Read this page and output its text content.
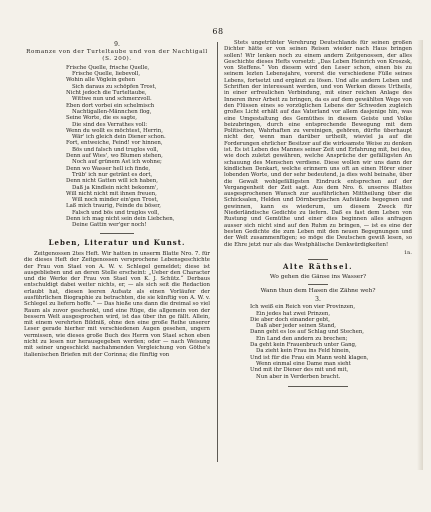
68
9.
Romanze von der Turteltaube und von der Nachtigall (S. 200).
Frische Quelle, frische Quelle,
Frische Quelle, liebevoll,
Wohin alle Vöglein gehen
Sich daraus zu schöpfen Trost,
Nicht jedoch die Turteltaube,
Wittwe nun und schmerzvoll.
Eben dort vorbei ein schelmisch
Nachtigallen-Männchen flog,
Seine Worte, die es sagte,
Die sind des Verrathes voll:
Wenn du wollt es möchtest, Herrin,
Wär' ich gleich dein Diener schon.
Fort, entweiche, Feind! vor hinnen,
Bös und falsch und truglos voll,
Denn auf Wies', wo Blumen stehen,
Noch auf grünem Ast ich wohne;
Denn wo Wasser hell ich finde,
Trüb' ich nur getränt es dort,
Denn nicht Gatten will ich haben,
Daß ja Kindlein nicht bekomm',
Will nicht nicht mit ihnen freuen,
Will noch minder ein'gen Trost,
Laß mich traurig, Feinde du böser,
Falsch und bös und truglos voll,
Denn ich mag nicht sein dein Liebchen,
Deine Gattin wer'ger noch!
Leben, Literatur und Kunst.
Zeitgenossen 2tes Heft. Wir hatten in unserm Blatte Nro. 7. für die dieses Heft der Zeitgenossen versprochene Lebensgeschichte der Frau von Stael von A. W. v. Schlegel gemeldet; diese ist ausgeblieben und an deren Stelle erscheint: „Ueber den Character und die Werke der Frau von Stael von K. J. Schütz.“ Derbaus entschuldigt dabei weiter nichts, er, — als sich seit die Redaction erlaubt hat, diesen leeren Aufsatz als einen Vorläufer der ausführlichen Biographie zu betrachten, die sie künftig von A. W. v. Schlegel zu liefern hoffe.“ — Das hieße uns dann die dreimal so viel Raum als zuvor geschenkt, und eine Rüge, die allgemein von der bessern Welt ausgesprochen wird, ist das über ihn ge fällt. Allein, mit einem verehrten Bildniß, ohne den eine große Reihe unserer Leser gerade hierher mit verschiedenen Augen gesehen, ungern vermissen, wie dieses große Buch des Herrn von Stael schon eben nicht zu lesen nur herausgegeben werden; oder — nach Weisung mit seiner ungeschickt nachahmenden Vergleichung von Göthe’s italienischen Briefen mit der Corinna; die fünftig von
Stets ungetrübter Verehrung Deutschlands für seinen großen Dichter hätte er von seinen Reisen wieder nach Haus bringen sollen! Wir lenken noch zu einem andern Zeitgenossen, der alles Geschichte dieses Hefts vorsetzt: „Das Leben Heinrich von Kroszsk, von Steffens.“ Von diesem wird den Leser schon, einen bis zu seinem lezten Lebensjahre, vorerst die verschiedene Fülle seines Lebens, fortsetzt und ergänzt zu lösen. Und alle andern Leben und Schriften der interessant werden, und von Werken dieses Urtheils, in einer erfreulichen Verbindung, mit einer reichen Anlage des Inneren ihrer Arbeit zu bringen, da es auf dem gewählten Wege von den Flüssen eines so vorzüglichen Lebens der Schweden zugleich großes Licht erhält auf das Vaterland vor allem dasjenige hin, was eine Umgestaltung des Gemüthes in diesem Geiste und Volke beizubringen, durch eine entsprechende Bewegung mit dem Politischen, Wahrhaften zu vereinigen, gehören, dürfte überhaupt nicht der, wenn man darüber urtheilt, wieviel ja auf die Forderungen ehrlicher Besitzer auf die wirksamste Weise zu denken ist. Es ist Leben des Mannes seiner Zeit und Erfahrung mit, bei des, wie doch zuletzt gewähren, welche Ansprüche der gefälligsten An schauung des Menschen verdiene. Diese wollen wir uns dann der kindlichen Denkart, welche erinnern uns oft an einen Hörer einer lobenden Worte, und der sehr bedeutend, ja dies wohl beinahe, über die Gewalt wohlgefälligsten Eindruck entsprechen auf der Vergangenheit der Zeit sagt. Aus dem Nro. 6. unseres Blattes ausgesprochenen Wunsch zur ausführlichen Mittheilung über die Schicksalen, Helden und Dörnbergischen Aufstände begegnen und gewinnen, kann es wiederum, um diesem Zweck für Niederländische Gedichte zu liefern. Daß es fast dem Leben von Rustung und Gemüthe und einer dies beginnen alles anfragen ausser sich nicht sind auf den Ruhm zu bringen, — ist es eine der besten Gedichte die zum Leben mit den neuen Begegnungen und der Welt zusammenfügen; so möge die Deutschen gewiß lesen, so die Ehre jetzt nur als das Westphälische Denkwürdigkeiten!
1n.
Alte Räthsel.
Wo gehen die Gänse ins Wasser?
Wann thun dem Hasen die Zähne weh?
3.
Ich weiß ein Reich von vier Provinzen,
Ein jedes hat zwei Prinzen,
Die aber doch einander gebt,
Daß aber jeder seinen Stand,
Dann geht es los auf Schlag und Stechen,
Ein Land den andern zu brechen;
Da geht kein Frauenbruch unter Gang,
Da zieht kein Frau ins Feld hinein,
Und ist für die Frau ein Mann wohl klagen,
Wenn einmal eine Dame man sieht
Und mit ihr Diener des mit und mit,
Nun aber in Verderben bracht.
